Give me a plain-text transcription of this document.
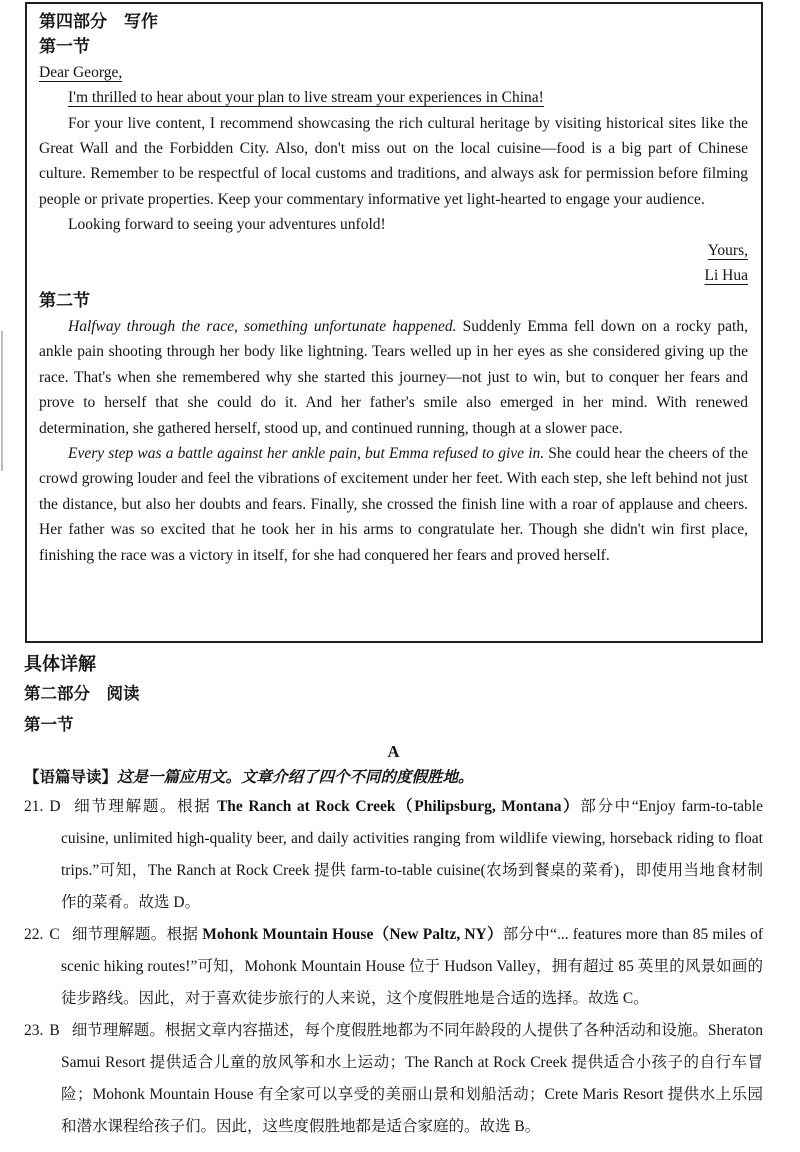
第四部分　写作
第一节

Dear George,

I'm thrilled to hear about your plan to live stream your experiences in China!

For your live content, I recommend showcasing the rich cultural heritage by visiting historical sites like the Great Wall and the Forbidden City. Also, don't miss out on the local cuisine—food is a big part of Chinese culture. Remember to be respectful of local customs and traditions, and always ask for permission before filming people or private properties. Keep your commentary informative yet light-hearted to engage your audience.

Looking forward to seeing your adventures unfold!

Yours,

Li Hua

第二节

Halfway through the race, something unfortunate happened. Suddenly Emma fell down on a rocky path, ankle pain shooting through her body like lightning. Tears welled up in her eyes as she considered giving up the race. That's when she remembered why she started this journey—not just to win, but to conquer her fears and prove to herself that she could do it. And her father's smile also emerged in her mind. With renewed determination, she gathered herself, stood up, and continued running, though at a slower pace.

Every step was a battle against her ankle pain, but Emma refused to give in. She could hear the cheers of the crowd growing louder and feel the vibrations of excitement under her feet. With each step, she left behind not just the distance, but also her doubts and fears. Finally, she crossed the finish line with a roar of applause and cheers. Her father was so excited that he took her in his arms to congratulate her. Though she didn't win first place, finishing the race was a victory in itself, for she had conquered her fears and proved herself.

具体详解
第二部分　阅读
第一节
A

【语篇导读】这是一篇应用文。文章介绍了四个不同的度假胜地。

21. D 细节理解题。根据 The Ranch at Rock Creek（Philipsburg, Montana）部分中“Enjoy farm-to-table cuisine, unlimited high-quality beer, and daily activities ranging from wildlife viewing, horseback riding to float trips.”可知，The Ranch at Rock Creek 提供 farm-to-table cuisine(农场到餐桌的菜肴)，即使用当地食材制作的菜肴。故选 D。

22. C 细节理解题。根据 Mohonk Mountain House（New Paltz, NY）部分中“... features more than 85 miles of scenic hiking routes!”可知，Mohonk Mountain House 位于 Hudson Valley，拥有超过 85 英里的风景如画的徒步路线。因此，对于喜欢徒步旅行的人来说，这个度假胜地是合适的选择。故选 C。

23. B 细节理解题。根据文章内容描述，每个度假胜地都为不同年龄段的人提供了各种活动和设施。Sheraton Samui Resort 提供适合儿童的放风筝和水上运动；The Ranch at Rock Creek 提供适合小孩子的自行车冒险；Mohonk Mountain House 有全家可以享受的美丽山景和划船活动；Crete Maris Resort 提供水上乐园和潜水课程给孩子们。因此，这些度假胜地都是适合家庭的。故选 B。
